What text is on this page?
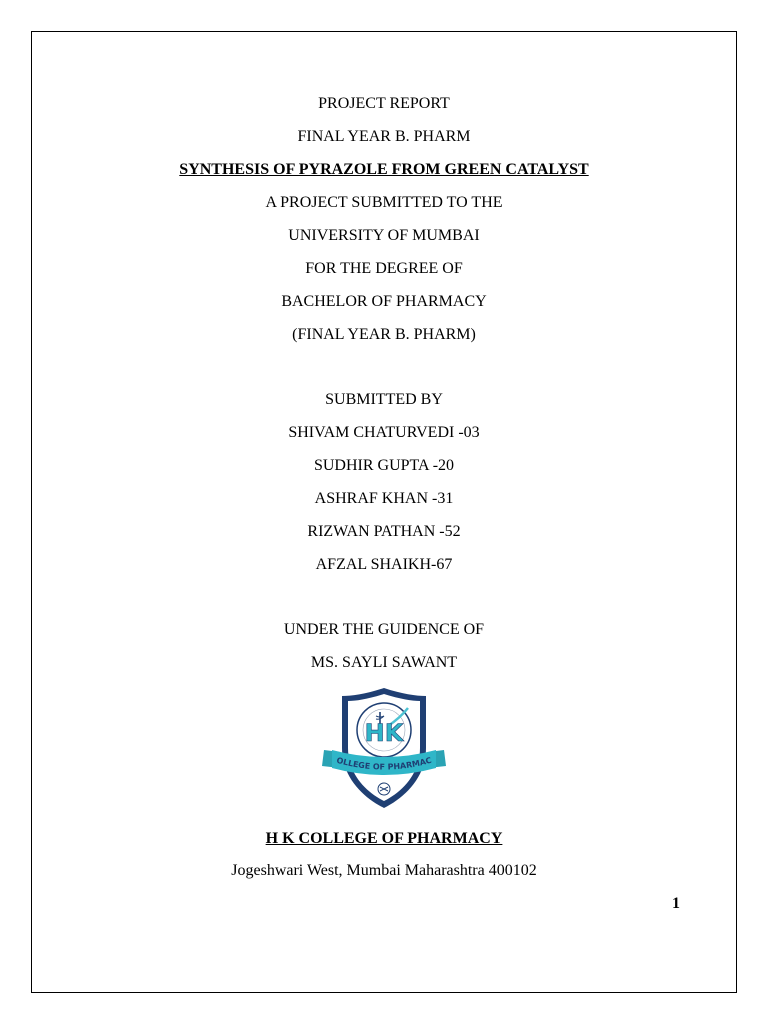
PROJECT REPORT
FINAL YEAR B. PHARM
SYNTHESIS OF PYRAZOLE FROM GREEN CATALYST
A PROJECT SUBMITTED TO THE
UNIVERSITY OF MUMBAI
FOR THE DEGREE OF
BACHELOR OF PHARMACY
(FINAL YEAR B. PHARM)
SUBMITTED BY
SHIVAM CHATURVEDI -03
SUDHIR GUPTA -20
ASHRAF KHAN -31
RIZWAN PATHAN -52
AFZAL SHAIKH-67
UNDER THE GUIDENCE OF
MS. SAYLI SAWANT
HK
OLLEGE OF PHARMAC
H K COLLEGE OF PHARMACY
Jogeshwari West, Mumbai Maharashtra 400102
1
